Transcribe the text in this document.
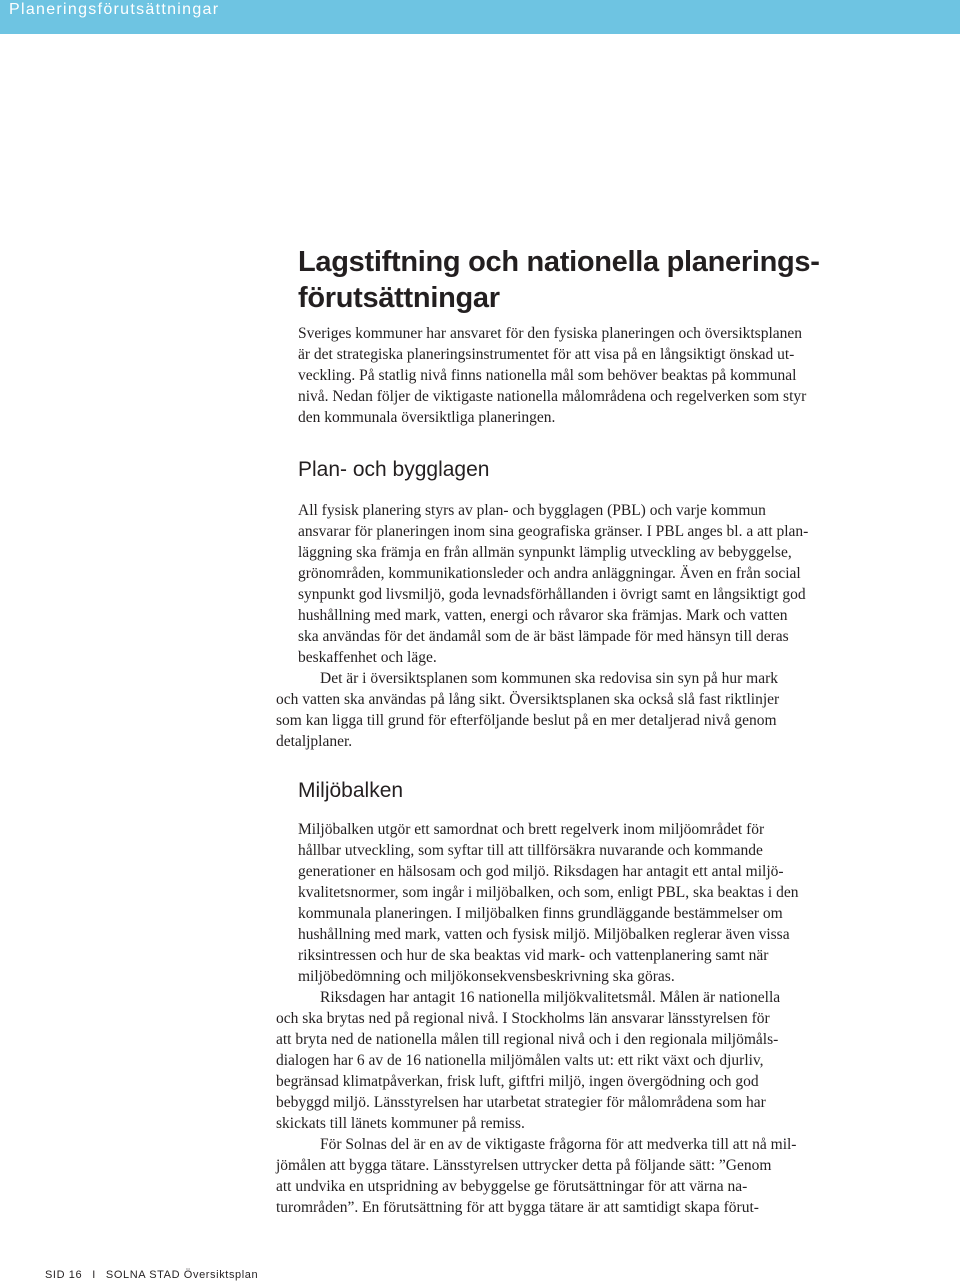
Planeringsförutsättningar
Lagstiftning och nationella planerings-
förutsättningar

Sveriges kommuner har ansvaret för den fysiska planeringen och översiktsplanen
är det strategiska planeringsinstrumentet för att visa på en långsiktigt önskad ut-
veckling. På statlig nivå finns nationella mål som behöver beaktas på kommunal
nivå. Nedan följer de viktigaste nationella målområdena och regelverken som styr
den kommunala översiktliga planeringen.

Plan- och bygglagen

All fysisk planering styrs av plan- och bygglagen (PBL) och varje kommun
ansvarar för planeringen inom sina geografiska gränser. I PBL anges bl. a att plan-
läggning ska främja en från allmän synpunkt lämplig utveckling av bebyggelse,
grönområden, kommunikationsleder och andra anläggningar. Även en från social
synpunkt god livsmiljö, goda levnadsförhållanden i övrigt samt en långsiktigt god
hushållning med mark, vatten, energi och råvaror ska främjas. Mark och vatten
ska användas för det ändamål som de är bäst lämpade för med hänsyn till deras
beskaffenhet och läge.

Det är i översiktsplanen som kommunen ska redovisa sin syn på hur mark
och vatten ska användas på lång sikt. Översiktsplanen ska också slå fast riktlinjer
som kan ligga till grund för efterföljande beslut på en mer detaljerad nivå genom
detaljplaner.

Miljöbalken

Miljöbalken utgör ett samordnat och brett regelverk inom miljöområdet för
hållbar utveckling, som syftar till att tillförsäkra nuvarande och kommande
generationer en hälsosam och god miljö. Riksdagen har antagit ett antal miljö-
kvalitetsnormer, som ingår i miljöbalken, och som, enligt PBL, ska beaktas i den
kommunala planeringen. I miljöbalken finns grundläggande bestämmelser om
hushållning med mark, vatten och fysisk miljö. Miljöbalken reglerar även vissa
riksintressen och hur de ska beaktas vid mark- och vattenplanering samt när
miljöbedömning och miljökonsekvensbeskrivning ska göras.

Riksdagen har antagit 16 nationella miljökvalitetsmål. Målen är nationella
och ska brytas ned på regional nivå. I Stockholms län ansvarar länsstyrelsen för
att bryta ned de nationella målen till regional nivå och i den regionala miljömåls-
dialogen har 6 av de 16 nationella miljömålen valts ut: ett rikt växt och djurliv,
begränsad klimatpåverkan, frisk luft, giftfri miljö, ingen övergödning och god
bebyggd miljö. Länsstyrelsen har utarbetat strategier för målområdena som har
skickats till länets kommuner på remiss.

För Solnas del är en av de viktigaste frågorna för att medverka till att nå mil-
jömålen att bygga tätare. Länsstyrelsen uttrycker detta på följande sätt: ”Genom
att undvika en utspridning av bebyggelse ge förutsättningar för att värna na-
turområden”. En förutsättning för att bygga tätare är att samtidigt skapa förut-

SID 16 I SOLNA STAD Översiktsplan
